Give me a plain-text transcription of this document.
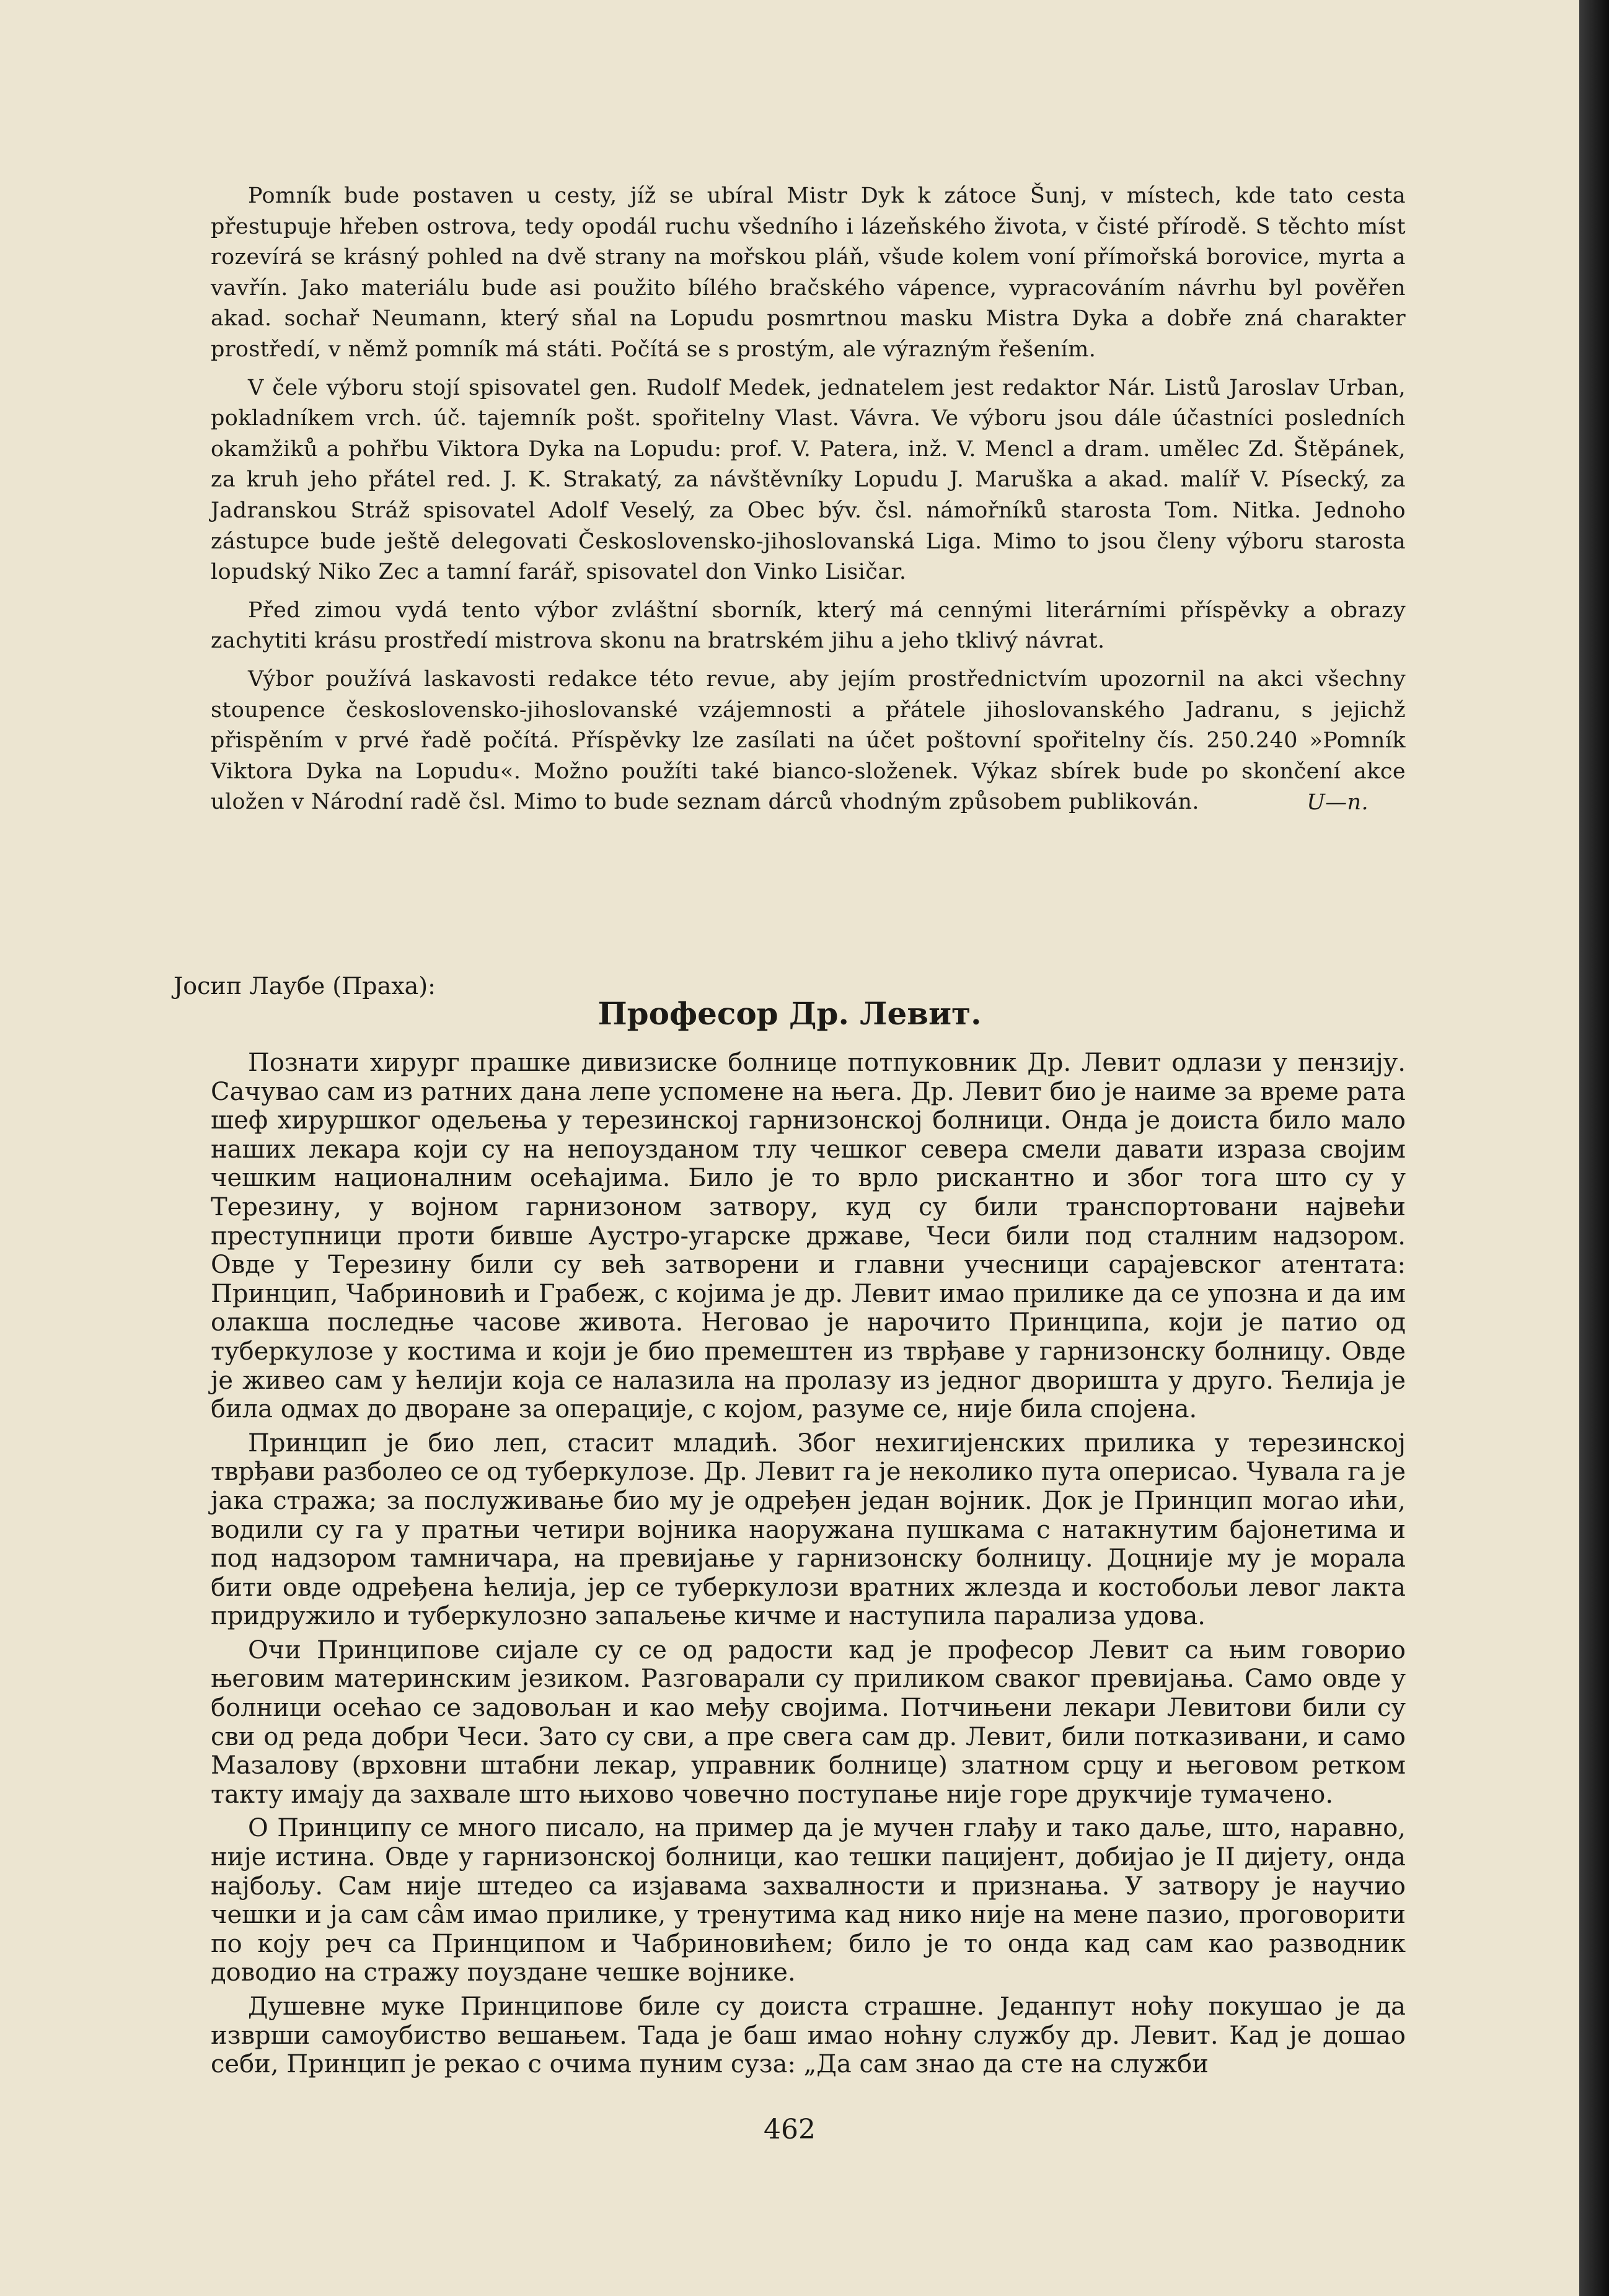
Pomník bude postaven u cesty, jíž se ubíral Mistr Dyk k zátoce Šunj, v místech, kde tato cesta přestupuje hřeben ostrova, tedy opodál ruchu všedního i lázeňského života, v čisté přírodě. S těchto míst rozevírá se krásný pohled na dvě strany na mořskou pláň, všude kolem voní přímořská borovice, myrta a vavřín. Jako materiálu bude asi použito bílého bračského vápence, vypracováním návrhu byl pověřen akad. sochař Neumann, který sňal na Lopudu posmrtnou masku Mistra Dyka a dobře zná charakter prostředí, v němž pomník má státi. Počítá se s prostým, ale výrazným řešením.

V čele výboru stojí spisovatel gen. Rudolf Medek, jednatelem jest redaktor Nár. Listů Jaroslav Urban, pokladníkem vrch. úč. tajemník pošt. spořitelny Vlast. Vávra. Ve výboru jsou dále účastníci posledních okamžiků a pohřbu Viktora Dyka na Lopudu: prof. V. Patera, inž. V. Mencl a dram. umělec Zd. Štěpánek, za kruh jeho přátel red. J. K. Strakatý, za návštěvníky Lopudu J. Maruška a akad. malíř V. Písecký, za Jadranskou Stráž spisovatel Adolf Veselý, za Obec býv. čsl. námořníků starosta Tom. Nitka. Jednoho zástupce bude ještě delegovati Československo-jihoslovanská Liga. Mimo to jsou členy výboru starosta lopudský Niko Zec a tamní farář, spisovatel don Vinko Lisičar.

Před zimou vydá tento výbor zvláštní sborník, který má cennými literárními příspěvky a obrazy zachytiti krásu prostředí mistrova skonu na bratrském jihu a jeho tklivý návrat.

Výbor používá laskavosti redakce této revue, aby jejím prostřednictvím upozornil na akci všechny stoupence československo-jihoslovanské vzájemnosti a přátele jihoslovanského Jadranu, s jejichž přispěním v prvé řadě počítá. Příspěvky lze zasílati na účet poštovní spořitelny čís. 250.240 »Pomník Viktora Dyka na Lopudu«. Možno použíti také bianco-složenek. Výkaz sbírek bude po skončení akce uložen v Národní radě čsl. Mimo to bude seznam dárců vhodným způsobem publikován.	U—n.
Јосип Лаубе (Праха):
Професор Др. Левит.

Познати хирург прашке дивизиске болнице потпуковник Др. Левит одлази у пензију. Сачувао сам из ратних дана лепе успомене на њега. Др. Левит био је наиме за време рата шеф хируршког одељења у терезинској гарнизонској болници. Онда је доиста било мало наших лекара који су на непоузданом тлу чешког севера смели давати израза својим чешким националним осећајима. Било је то врло рискантно и због тога што су у Терезину, у војном гарнизоном затвору, куд су били транспортовани највећи преступници проти бивше Аустро-угарске државе, Чеси били под сталним надзором. Овде у Терезину били су већ затворени и главни учесници сарајевског атентата: Принцип, Чабриновић и Грабеж, с којима је др. Левит имао прилике да се упозна и да им олакша последње часове живота. Неговао је нарочито Принципа, који је патио од туберкулозе у костима и који је био премештен из тврђаве у гарнизонску болницу. Овде је живео сам у ћелији која се налазила на пролазу из једног дворишта у друго. Ћелија је била одмах до дворане за операције, с којом, разуме се, није била спојена.

Принцип је био леп, стасит младић. Због нехигијенских прилика у терезинској тврђави разболео се од туберкулозе. Др. Левит га је неколико пута оперисао. Чувала га је јака стража; за послуживање био му је одређен један војник. Док је Принцип могао ићи, водили су га у пратњи четири војника наоружана пушкама с натакнутим бајонетима и под надзором тамничара, на превијање у гарнизонску болницу. Доцније му је морала бити овде одређена ћелија, јер се туберкулози вратних жлезда и костобољи левог лакта придружило и туберкулозно запаљење кичме и наступила парализа удова.

Очи Принципове сијале су се од радости кад је професор Левит са њим говорио његовим материнским језиком. Разговарали су приликом сваког превијања. Само овде у болници осећао се задовољан и као међу својима. Потчињени лекари Левитови били су сви од реда добри Чеси. Зато су сви, а пре свега сам др. Левит, били потказивани, и само Мазалову (врховни штабни лекар, управник болнице) златном срцу и његовом ретком такту имају да захвале што њихово човечно поступање није горе друкчије тумачено.

О Принципу се много писало, на пример да је мучен глађу и тако даље, што, наравно, није истина. Овде у гарнизонској болници, као тешки пацијент, добијао је II дијету, онда најбољу. Сам није штедео са изјавама захвалности и признања. У затвору је научио чешки и ја сам сâм имао прилике, у тренутима кад нико није на мене пазио, проговорити по коју реч са Принципом и Чабриновићем; било је то онда кад сам као разводник доводио на стражу поуздане чешке војнике.

Душевне муке Принципове биле су доиста страшне. Једанпут ноћу покушао је да изврши самоубиство вешањем. Тада је баш имао ноћну службу др. Левит. Кад је дошао себи, Принцип је рекао с очима пуним суза: „Да сам знао да сте на служби

462
